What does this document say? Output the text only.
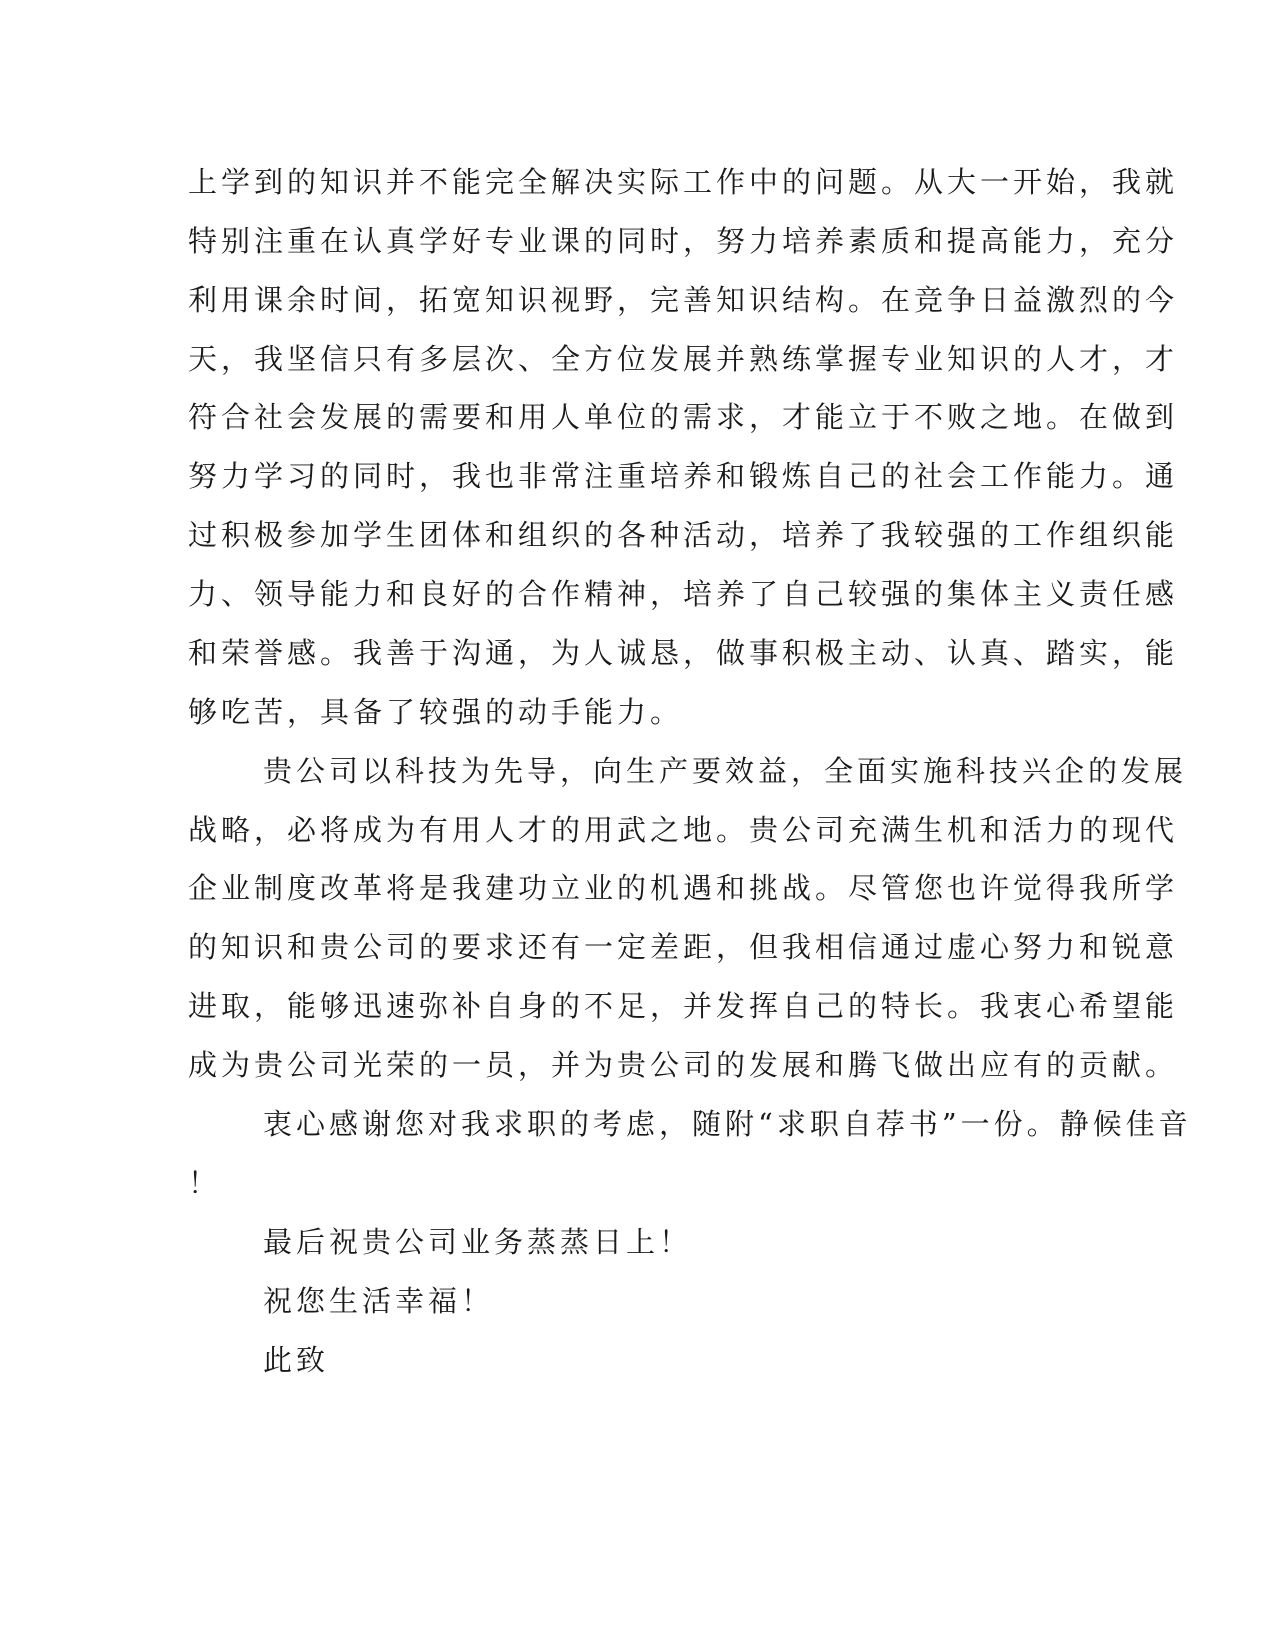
上学到的知识并不能完全解决实际工作中的问题。从大一开始，我就
特别注重在认真学好专业课的同时，努力培养素质和提高能力，充分
利用课余时间，拓宽知识视野，完善知识结构。在竞争日益激烈的今
天，我坚信只有多层次、全方位发展并熟练掌握专业知识的人才，才
符合社会发展的需要和用人单位的需求，才能立于不败之地。在做到
努力学习的同时，我也非常注重培养和锻炼自己的社会工作能力。通
过积极参加学生团体和组织的各种活动，培养了我较强的工作组织能
力、领导能力和良好的合作精神，培养了自己较强的集体主义责任感
和荣誉感。我善于沟通，为人诚恳，做事积极主动、认真、踏实，能
够吃苦，具备了较强的动手能力。
贵公司以科技为先导，向生产要效益，全面实施科技兴企的发展
战略，必将成为有用人才的用武之地。贵公司充满生机和活力的现代
企业制度改革将是我建功立业的机遇和挑战。尽管您也许觉得我所学
的知识和贵公司的要求还有一定差距，但我相信通过虚心努力和锐意
进取，能够迅速弥补自身的不足，并发挥自己的特长。我衷心希望能
成为贵公司光荣的一员，并为贵公司的发展和腾飞做出应有的贡献。
衷心感谢您对我求职的考虑，随附“求职自荐书”一份。静候佳音
！
最后祝贵公司业务蒸蒸日上！
祝您生活幸福！
此致
